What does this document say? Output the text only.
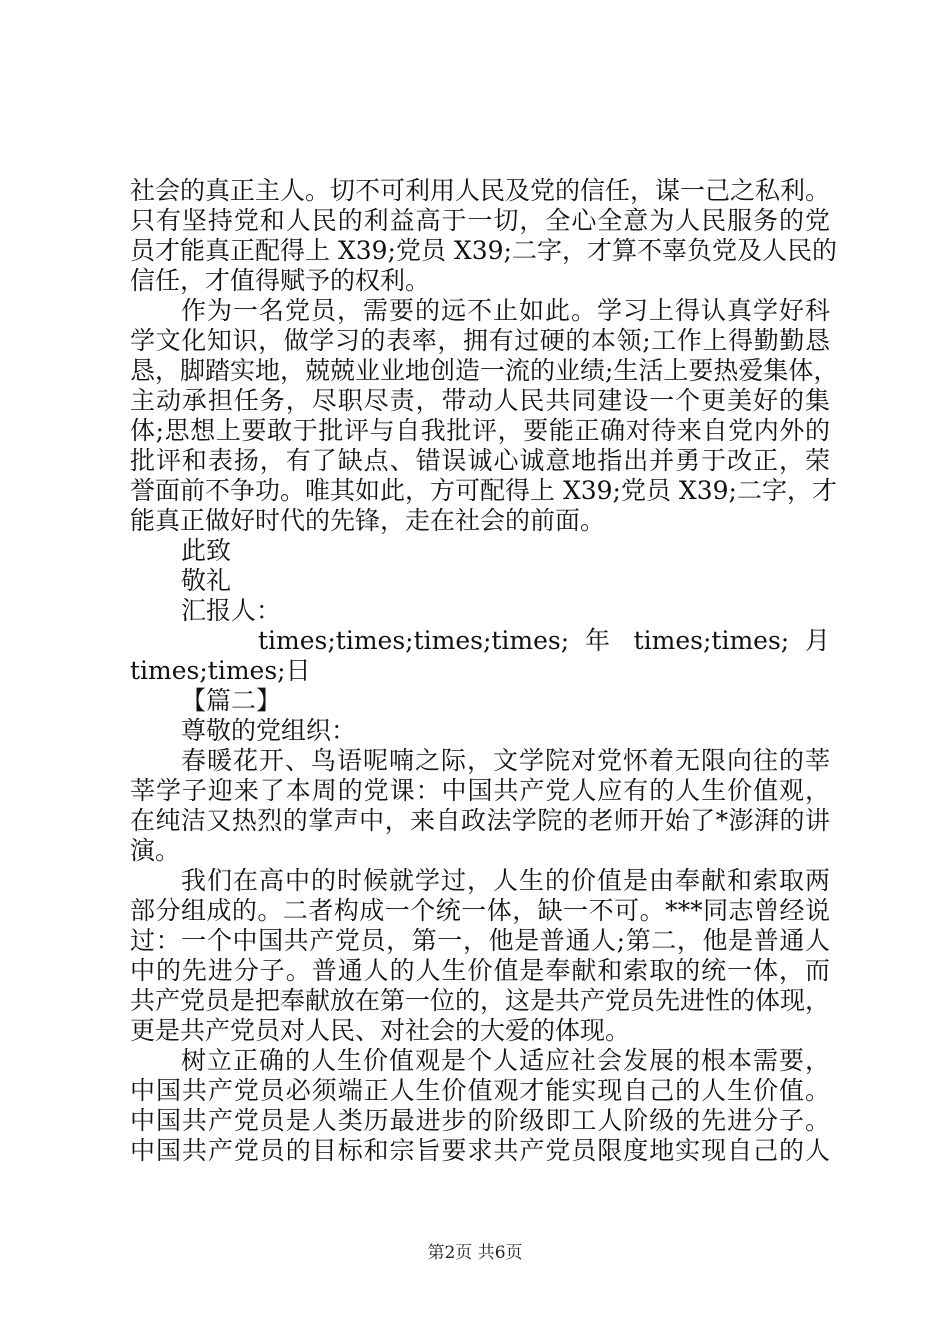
社会的真正主人。切不可利用人民及党的信任，谋一己之私利。
只有坚持党和人民的利益高于一切，全心全意为人民服务的党
员才能真正配得上 X39;党员 X39;二字，才算不辜负党及人民的
信任，才值得赋予的权利。
作为一名党员，需要的远不止如此。学习上得认真学好科
学文化知识，做学习的表率，拥有过硬的本领;工作上得勤勤恳
恳，脚踏实地，兢兢业业地创造一流的业绩;生活上要热爱集体，
主动承担任务，尽职尽责，带动人民共同建设一个更美好的集
体;思想上要敢于批评与自我批评，要能正确对待来自党内外的
批评和表扬，有了缺点、错误诚心诚意地指出并勇于改正，荣
誉面前不争功。唯其如此，方可配得上 X39;党员 X39;二字，才
能真正做好时代的先锋，走在社会的前面。
此致
敬礼
汇报人：
times;times;times;times; 年 times;times; 月
times;times;日
【篇二】
尊敬的党组织：
春暖花开、鸟语呢喃之际，文学院对党怀着无限向往的莘
莘学子迎来了本周的党课：中国共产党人应有的人生价值观，
在纯洁又热烈的掌声中，来自政法学院的老师开始了*澎湃的讲
演。
我们在高中的时候就学过，人生的价值是由奉献和索取两
部分组成的。二者构成一个统一体，缺一不可。***同志曾经说
过：一个中国共产党员，第一，他是普通人;第二，他是普通人
中的先进分子。普通人的人生价值是奉献和索取的统一体，而
共产党员是把奉献放在第一位的，这是共产党员先进性的体现，
更是共产党员对人民、对社会的大爱的体现。
树立正确的人生价值观是个人适应社会发展的根本需要，
中国共产党员必须端正人生价值观才能实现自己的人生价值。
中国共产党员是人类历最进步的阶级即工人阶级的先进分子。
中国共产党员的目标和宗旨要求共产党员限度地实现自己的人
第2页 共6页
